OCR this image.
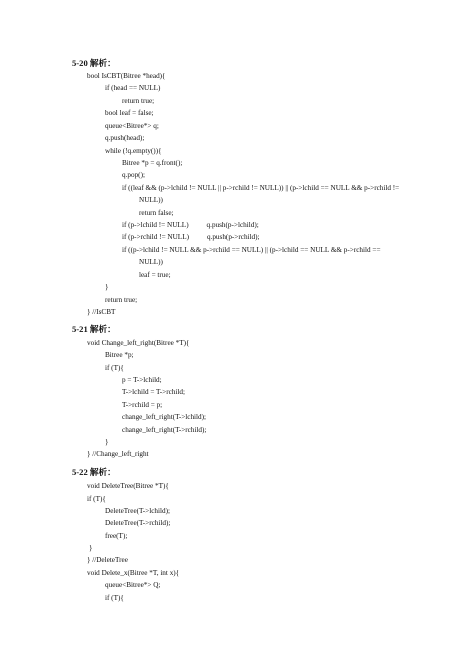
5-20 解析：
bool IsCBT(Bitree *head){
if (head == NULL)
return true;
bool leaf = false;
queue<Bitree*> q;
q.push(head);
while (!q.empty()){
Bitree *p = q.front();
q.pop();
if ((leaf && (p->lchild != NULL || p->rchild != NULL)) || (p->lchild == NULL && p->rchild !=
NULL))
return false;
if (p->lchild != NULL)          q.push(p->lchild);
if (p->rchild != NULL)          q.push(p->rchild);
if ((p->lchild != NULL && p->rchild == NULL) || (p->lchild == NULL && p->rchild ==
NULL))
leaf = true;
}
return true;
} //IsCBT
5-21 解析：
void Change_left_right(Bitree *T){
Bitree *p;
if (T){
p = T->lchild;
T->lchild = T->rchild;
T->rchild = p;
change_left_right(T->lchild);
change_left_right(T->rchild);
}
} //Change_left_right
5-22 解析：
void DeleteTree(Bitree *T){
if (T){
DeleteTree(T->lchild);
DeleteTree(T->rchild);
free(T);
}
} //DeleteTree
void Delete_x(Bitree *T, int x){
queue<Bitree*> Q;
if (T){
